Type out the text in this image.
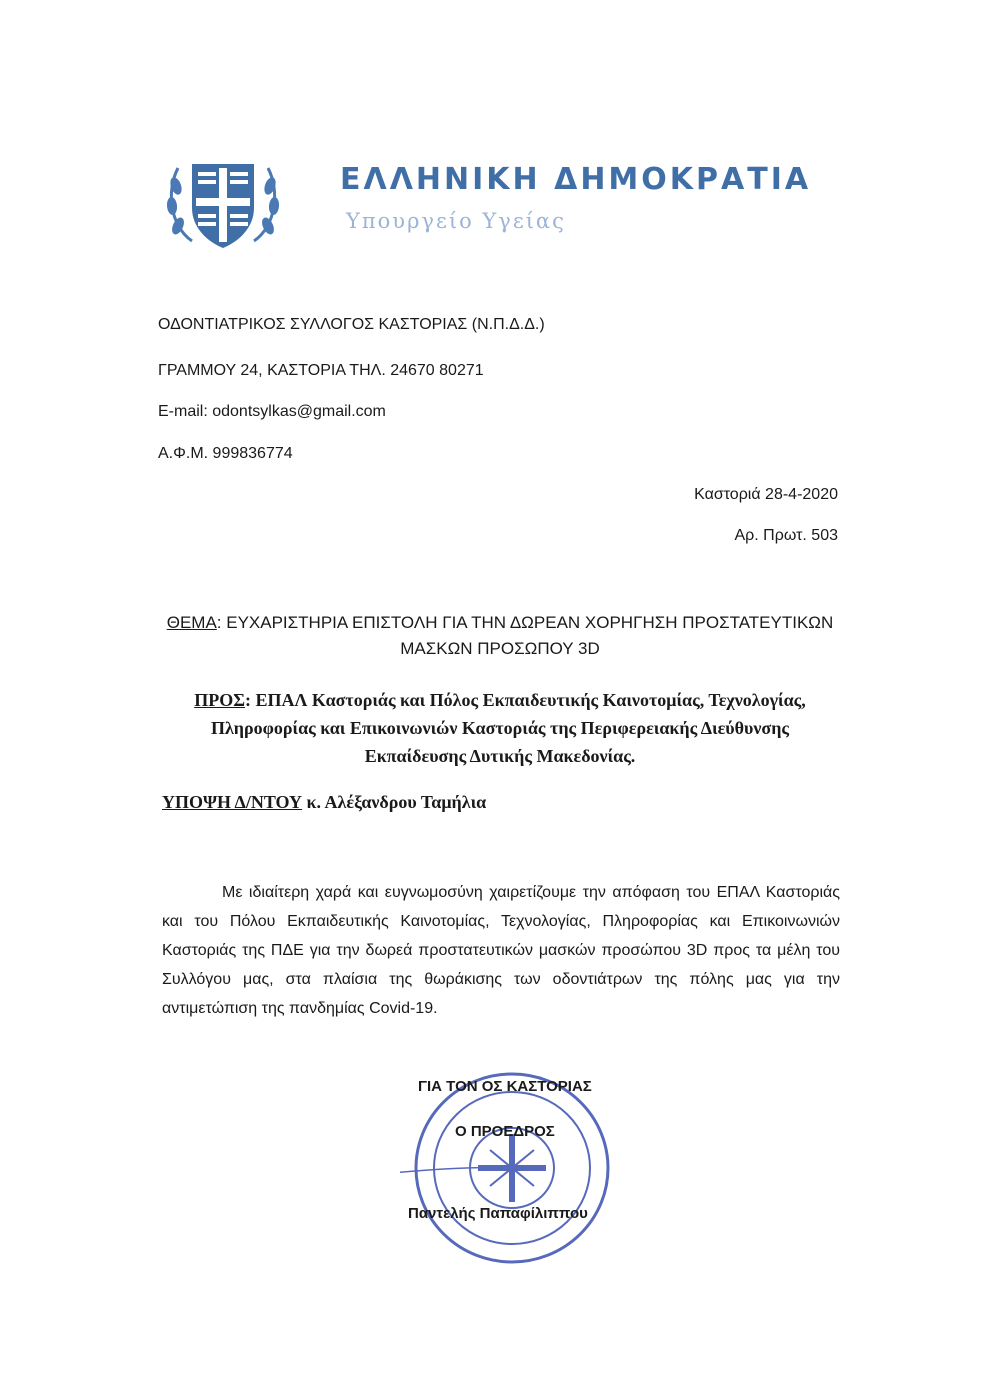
ΕΛΛΗΝΙΚΗ ΔΗΜΟΚΡΑΤΙΑ
Υπουργείο Υγείας
ΟΔΟΝΤΙΑΤΡΙΚΟΣ ΣΥΛΛΟΓΟΣ ΚΑΣΤΟΡΙΑΣ (Ν.Π.Δ.Δ.)
ΓΡΑΜΜΟΥ 24, ΚΑΣΤΟΡΙΑ ΤΗΛ. 24670 80271
E-mail: odontsylkas@gmail.com
Α.Φ.Μ. 999836774
Καστοριά 28-4-2020
Αρ. Πρωτ. 503
ΘΕΜΑ: ΕΥΧΑΡΙΣΤΗΡΙΑ ΕΠΙΣΤΟΛΗ ΓΙΑ ΤΗΝ ΔΩΡΕΑΝ ΧΟΡΗΓΗΣΗ ΠΡΟΣΤΑΤΕΥΤΙΚΩΝ
ΜΑΣΚΩΝ ΠΡΟΣΩΠΟΥ 3D
ΠΡΟΣ: ΕΠΑΛ Καστοριάς και Πόλος Εκπαιδευτικής Καινοτομίας, Τεχνολογίας,
Πληροφορίας και Επικοινωνιών Καστοριάς της Περιφερειακής Διεύθυνσης
Εκπαίδευσης Δυτικής Μακεδονίας.
ΥΠΟΨΗ Δ/ΝΤΟΥ κ. Αλέξανδρου Ταμήλια
Με ιδιαίτερη χαρά και ευγνωμοσύνη χαιρετίζουμε την απόφαση του ΕΠΑΛ Καστοριάς και του Πόλου Εκπαιδευτικής Καινοτομίας, Τεχνολογίας, Πληροφορίας και Επικοινωνιών Καστοριάς της ΠΔΕ για την δωρεά προστατευτικών μασκών προσώπου 3D προς τα μέλη του Συλλόγου μας, στα πλαίσια της θωράκισης των οδοντιάτρων της πόλης μας για την αντιμετώπιση της πανδημίας Covid-19.
ΓΙΑ ΤΟΝ ΟΣ ΚΑΣΤΟΡΙΑΣ
Ο ΠΡΟΕΔΡΟΣ
Παντελής Παπαφίλιππου
